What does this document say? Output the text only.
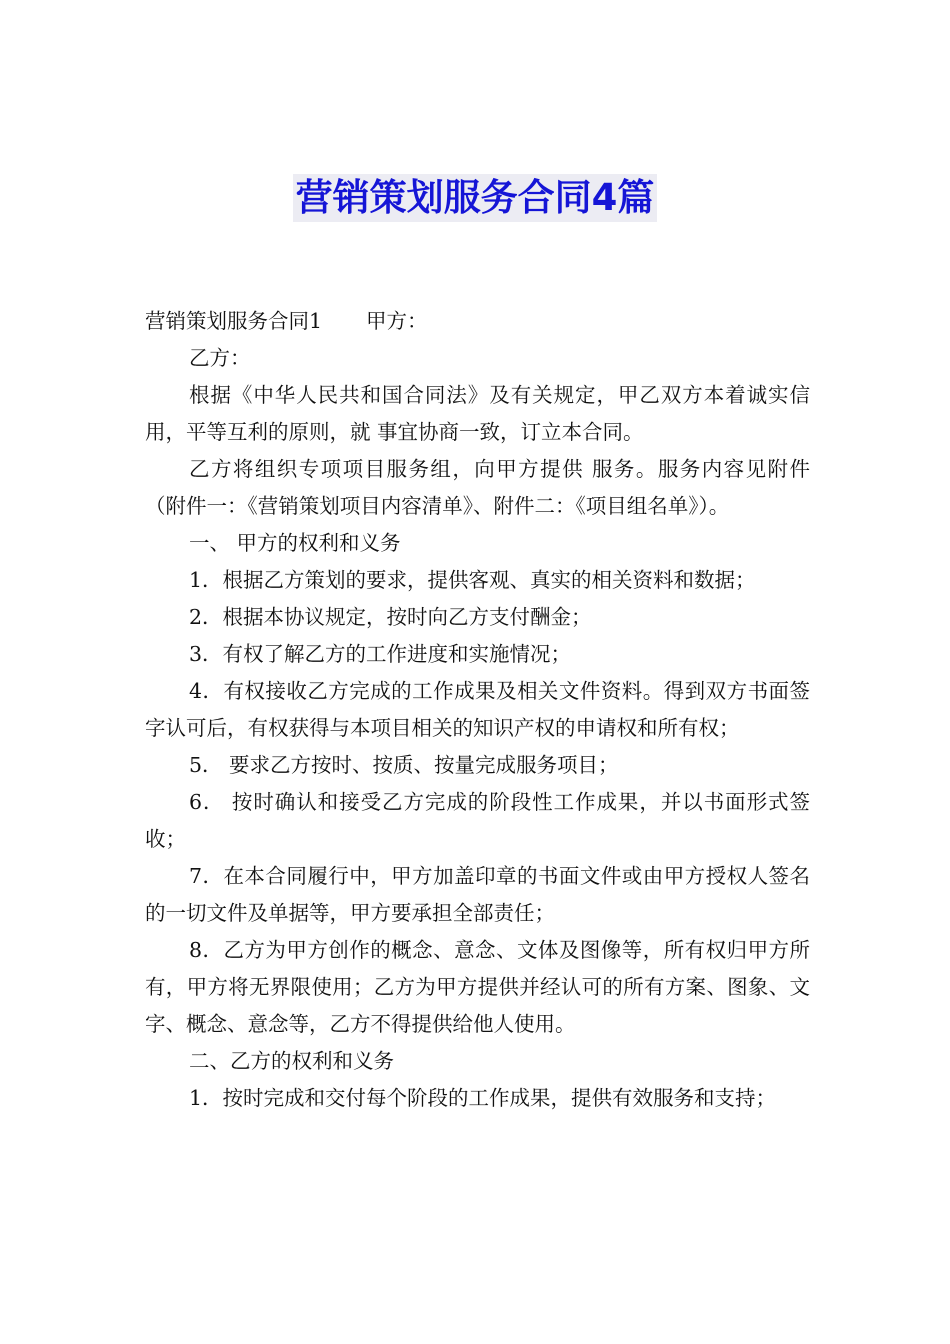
营销策划服务合同4篇

营销策划服务合同1 甲方：

乙方：

根据《中华人民共和国合同法》及有关规定，甲乙双方本着诚实信用，平等互利的原则，就 事宜协商一致，订立本合同。

乙方将组织专项项目服务组，向甲方提供 服务。服务内容见附件（附件一：《营销策划项目内容清单》、附件二：《项目组名单》）。

一、 甲方的权利和义务

1．根据乙方策划的要求，提供客观、真实的相关资料和数据；

2．根据本协议规定，按时向乙方支付酬金；

3．有权了解乙方的工作进度和实施情况；

4．有权接收乙方完成的工作成果及相关文件资料。得到双方书面签字认可后，有权获得与本项目相关的知识产权的申请权和所有权；

5． 要求乙方按时、按质、按量完成服务项目；

6． 按时确认和接受乙方完成的阶段性工作成果，并以书面形式签收；

7．在本合同履行中，甲方加盖印章的书面文件或由甲方授权人签名的一切文件及单据等，甲方要承担全部责任；

8．乙方为甲方创作的概念、意念、文体及图像等，所有权归甲方所有，甲方将无界限使用；乙方为甲方提供并经认可的所有方案、图象、文字、概念、意念等，乙方不得提供给他人使用。

二、乙方的权利和义务

1．按时完成和交付每个阶段的工作成果，提供有效服务和支持；
